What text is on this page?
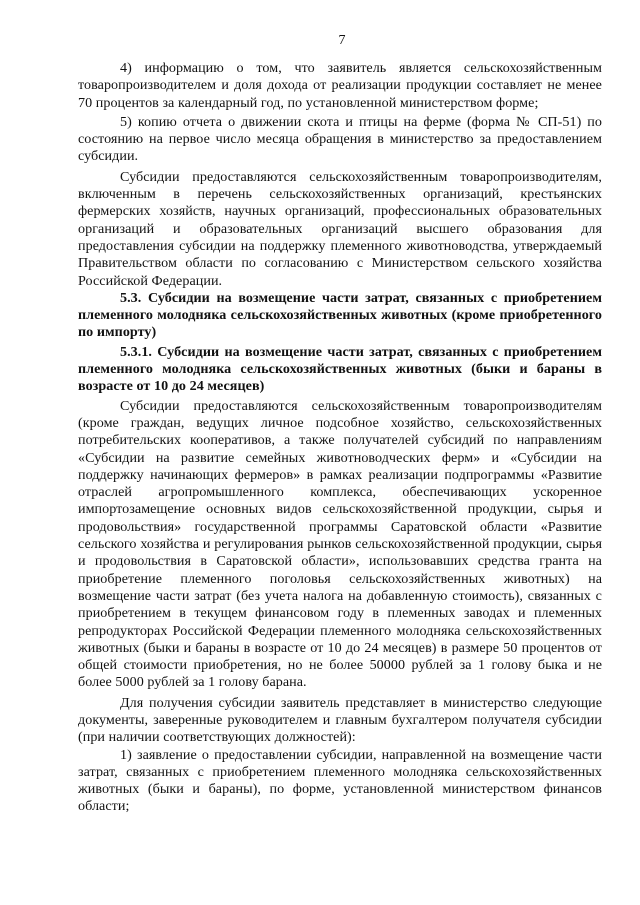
7

4) информацию о том, что заявитель является сельскохозяйственным товаропроизводителем и доля дохода от реализации продукции составляет не менее 70 процентов за календарный год, по установленной министерством форме;

5) копию отчета о движении скота и птицы на ферме (форма № СП-51) по состоянию на первое число месяца обращения в министерство за предоставлением субсидии.

Субсидии предоставляются сельскохозяйственным товаропроизводителям, включенным в перечень сельскохозяйственных организаций, крестьянских фермерских хозяйств, научных организаций, профессиональных образовательных организаций и образовательных организаций высшего образования для предоставления субсидии на поддержку племенного животноводства, утверждаемый Правительством области по согласованию с Министерством сельского хозяйства Российской Федерации.

5.3. Субсидии на возмещение части затрат, связанных с приобретением племенного молодняка сельскохозяйственных животных (кроме приобретенного по импорту)

5.3.1. Субсидии на возмещение части затрат, связанных с приобретением племенного молодняка сельскохозяйственных животных (быки и бараны в возрасте от 10 до 24 месяцев)

Субсидии предоставляются сельскохозяйственным товаропроизводителям (кроме граждан, ведущих личное подсобное хозяйство, сельскохозяйственных потребительских кооперативов, а также получателей субсидий по направлениям «Субсидии на развитие семейных животноводческих ферм» и «Субсидии на поддержку начинающих фермеров» в рамках реализации подпрограммы «Развитие отраслей агропромышленного комплекса, обеспечивающих ускоренное импортозамещение основных видов сельскохозяйственной продукции, сырья и продовольствия» государственной программы Саратовской области «Развитие сельского хозяйства и регулирования рынков сельскохозяйственной продукции, сырья и продовольствия в Саратовской области», использовавших средства гранта на приобретение племенного поголовья сельскохозяйственных животных) на возмещение части затрат (без учета налога на добавленную стоимость), связанных с приобретением в текущем финансовом году в племенных заводах и племенных репродукторах Российской Федерации племенного молодняка сельскохозяйственных животных (быки и бараны в возрасте от 10 до 24 месяцев) в размере 50 процентов от общей стоимости приобретения, но не более 50000 рублей за 1 голову быка и не более 5000 рублей за 1 голову барана.

Для получения субсидии заявитель представляет в министерство следующие документы, заверенные руководителем и главным бухгалтером получателя субсидии (при наличии соответствующих должностей):

1) заявление о предоставлении субсидии, направленной на возмещение части затрат, связанных с приобретением племенного молодняка сельскохозяйственных животных (быки и бараны), по форме, установленной министерством финансов области;
